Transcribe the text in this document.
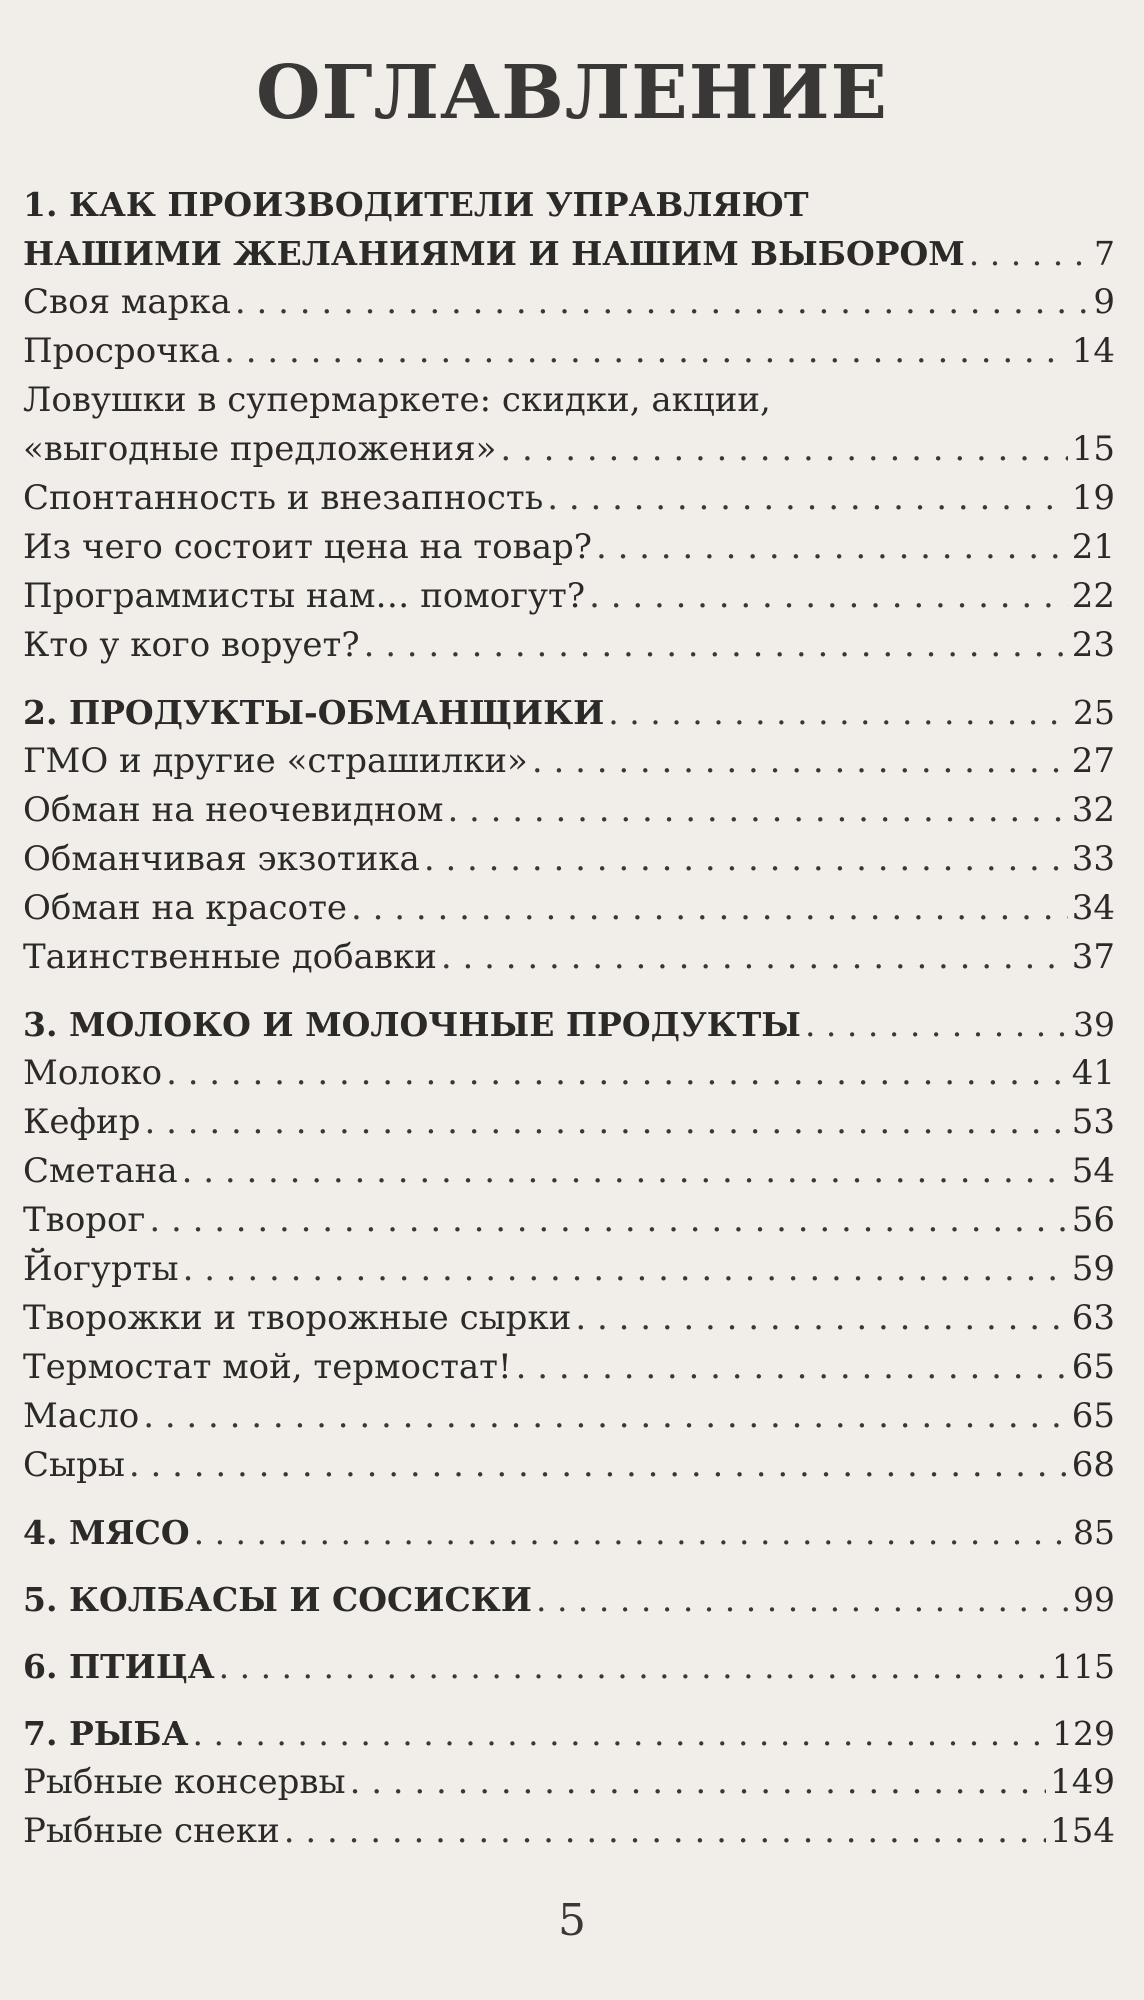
ОГЛАВЛЕНИЕ
1. КАК ПРОИЗВОДИТЕЛИ УПРАВЛЯЮТ
НАШИМИ ЖЕЛАНИЯМИ И НАШИМ ВЫБОРОМ . . .	7
Своя марка . . .	9
Просрочка . . .	14
Ловушки в супермаркете: скидки, акции,
«выгодные предложения» . . .	15
Спонтанность и внезапность . . .	19
Из чего состоит цена на товар? . . .	21
Программисты нам… помогут? . . .	22
Кто у кого ворует? . . .	23
2. ПРОДУКТЫ-ОБМАНЩИКИ . . .	25
ГМО и другие «страшилки» . . .	27
Обман на неочевидном . . .	32
Обманчивая экзотика . . .	33
Обман на красоте . . .	34
Таинственные добавки . . .	37
3. МОЛОКО И МОЛОЧНЫЕ ПРОДУКТЫ . . .	39
Молоко . . .	41
Кефир . . .	53
Сметана . . .	54
Творог . . .	56
Йогурты . . .	59
Творожки и творожные сырки . . .	63
Термостат мой, термостат! . . .	65
Масло . . .	65
Сыры . . .	68
4. МЯСО . . .	85
5. КОЛБАСЫ И СОСИСКИ . . .	99
6. ПТИЦА . . .	115
7. РЫБА . . .	129
Рыбные консервы . . .	149
Рыбные снеки . . .	154
5
